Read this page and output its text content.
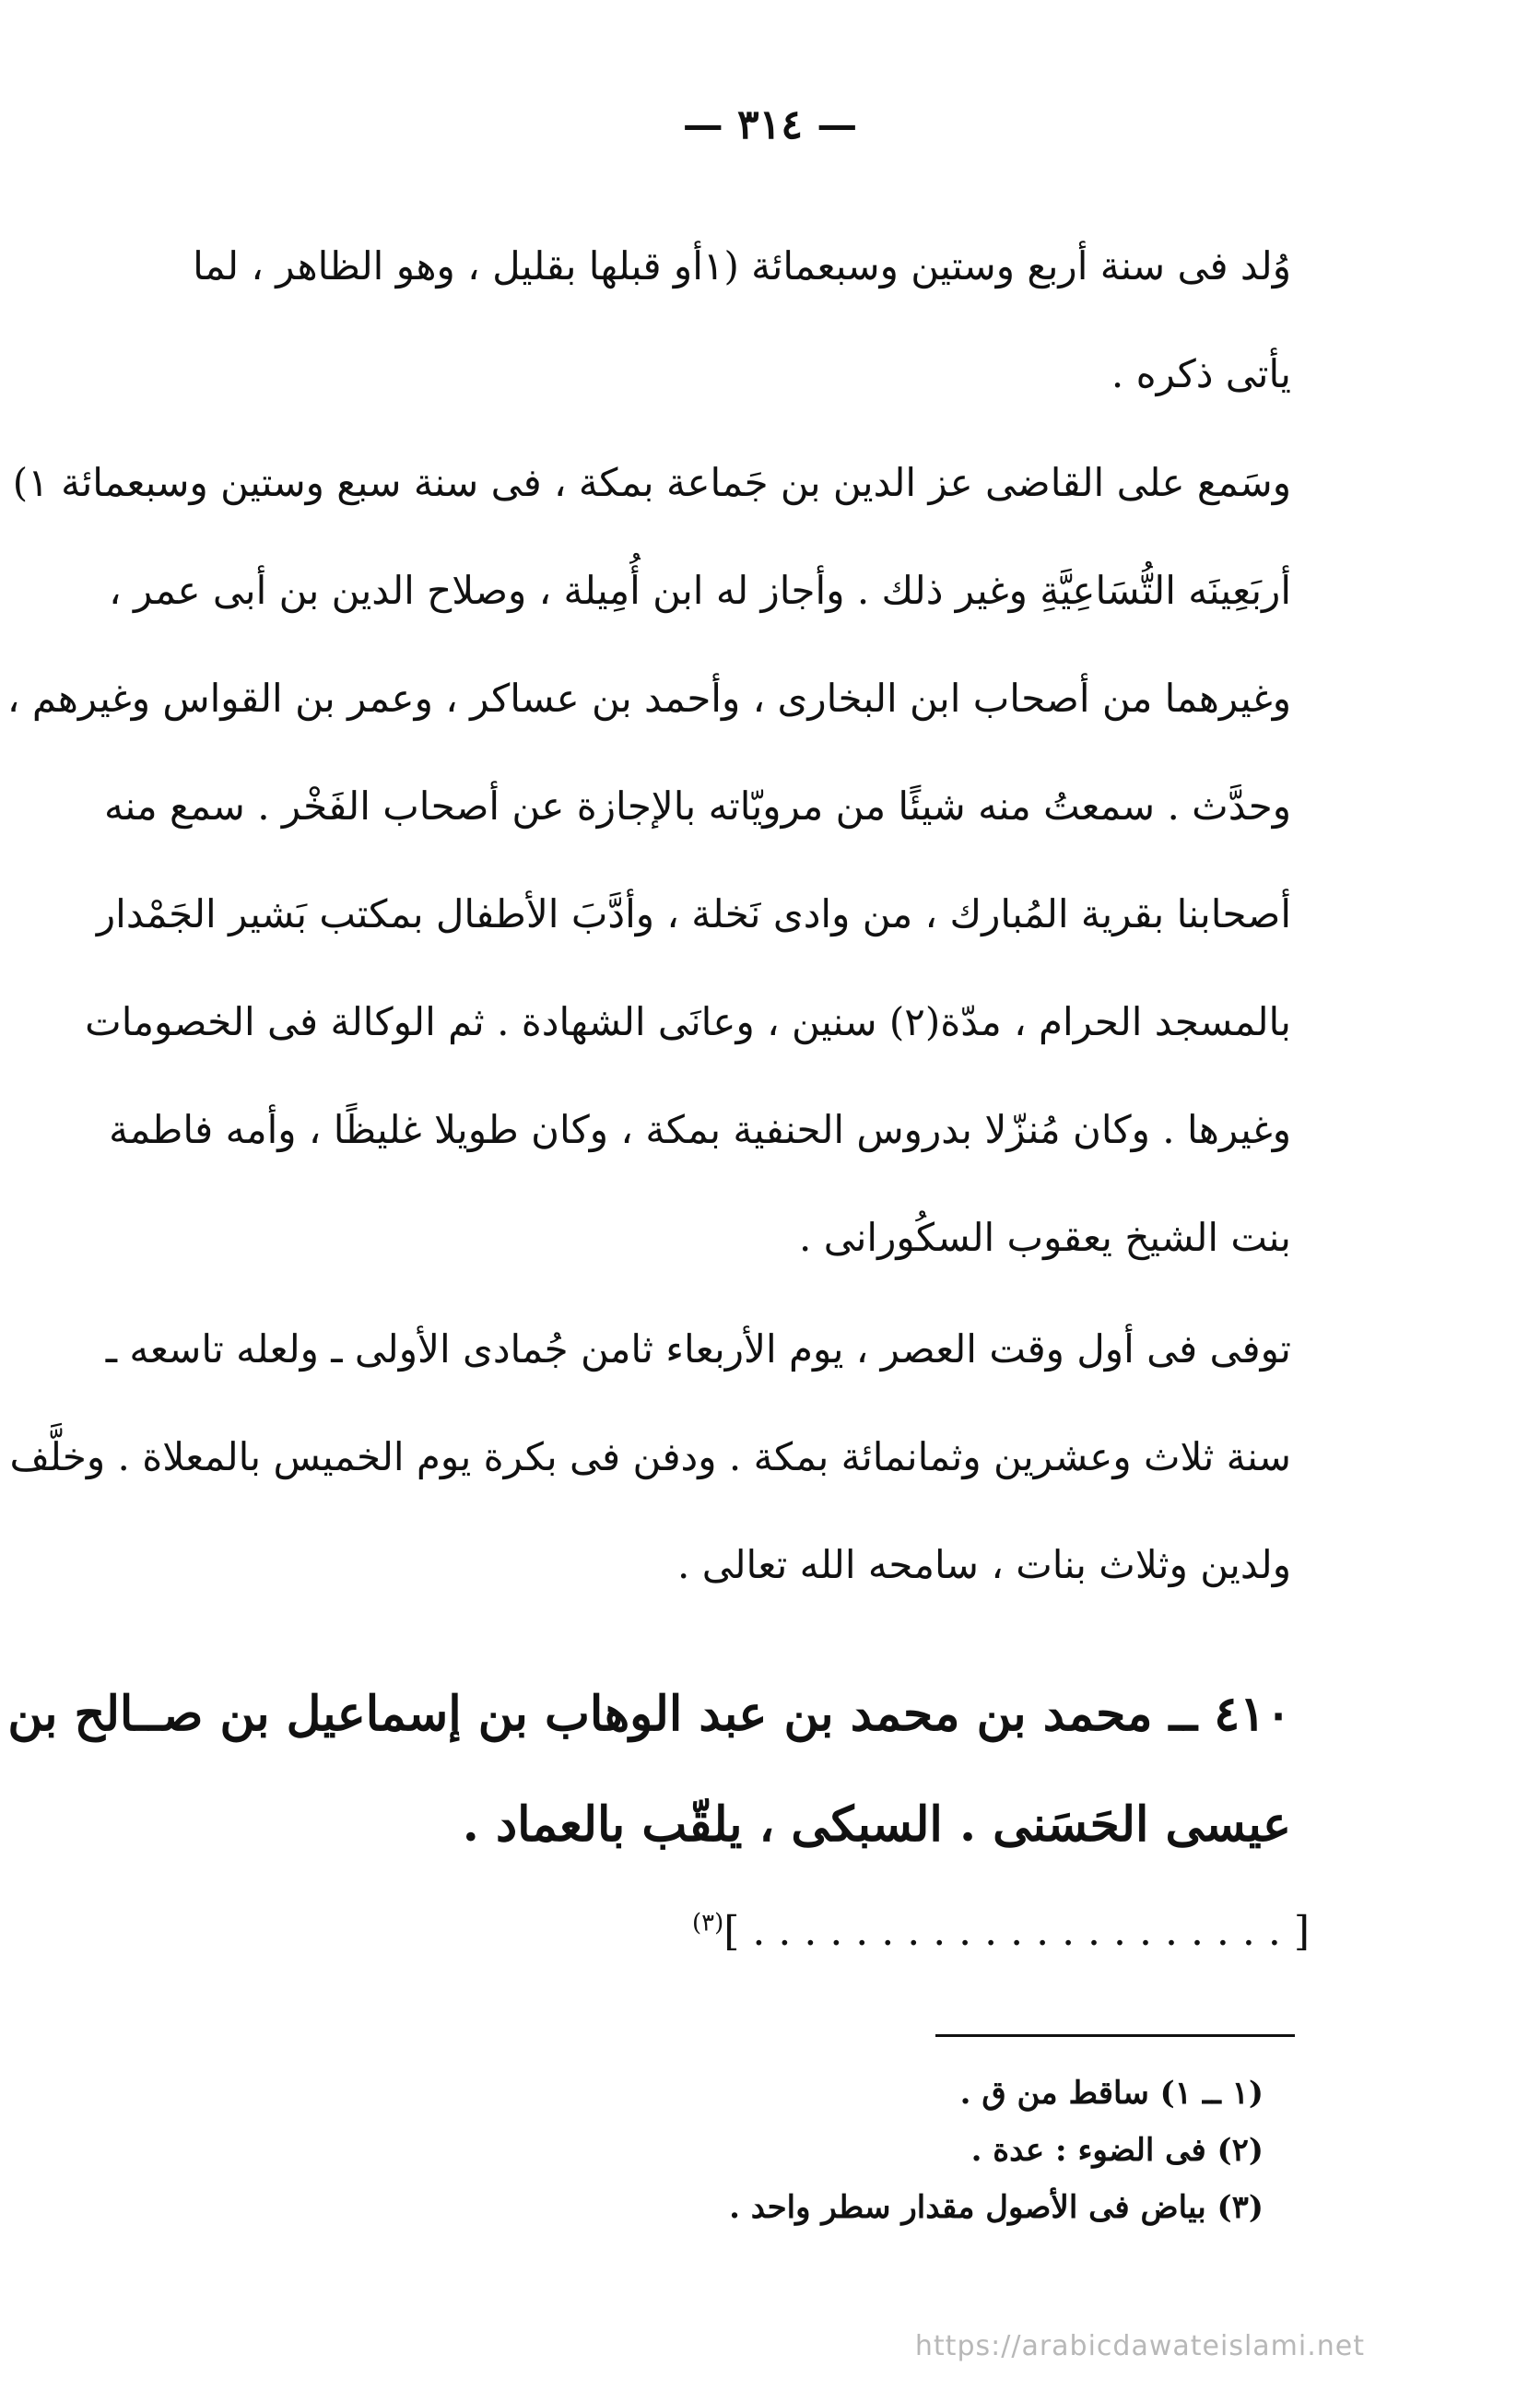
— ٣١٤ —
وُلد فى سنة أربع وستين وسبعمائة (١أو قبلها بقليل ، وهو الظاهر ، لما
يأتى ذكره .
وسَمع على القاضى عز الدين بن جَماعة بمكة ، فى سنة سبع وستين وسبعمائة ١)
أربَعِينَه التُّسَاعِيَّةِ وغير ذلك . وأجاز له ابن أُمِيلة ، وصلاح الدين بن أبى عمر ،
وغيرهما من أصحاب ابن البخارى ، وأحمد بن عساكر ، وعمر بن القواس وغيرهم ،
وحدَّث . سمعتُ منه شيئًا من مرويّاته بالإجازة عن أصحاب الفَخْر . سمع منه
أصحابنا بقرية المُبارك ، من وادى نَخلة ، وأدَّبَ الأطفال بمكتب بَشير الجَمْدار
بالمسجد الحرام ، مدّة(٢) سنين ، وعانَى الشهادة . ثم الوكالة فى الخصومات
وغيرها . وكان مُنزّلا بدروس الحنفية بمكة ، وكان طويلا غليظًا ، وأمه فاطمة
بنت الشيخ يعقوب السكُورانى .
توفى فى أول وقت العصر ، يوم الأربعاء ثامن جُمادى الأولى ـ ولعله تاسعه ـ
سنة ثلاث وعشرين وثمانمائة بمكة . ودفن فى بكرة يوم الخميس بالمعلاة . وخلَّف
ولدين وثلاث بنات ، سامحه الله تعالى .
٤١٠ ــ محمد بن محمد بن عبد الوهاب بن إسماعيل بن صــالح بن
عيسى الحَسَنى . السبكى ، يلقّب بالعماد .
[ . . . . . . . . . . . . . . . . . . . . . ]$^{(٣)}$
(١ ــ ١) ساقط من ق .
(٢) فى الضوء : عدة .
(٣) بياض فى الأصول مقدار سطر واحد .
https://arabicdawateislami.net
